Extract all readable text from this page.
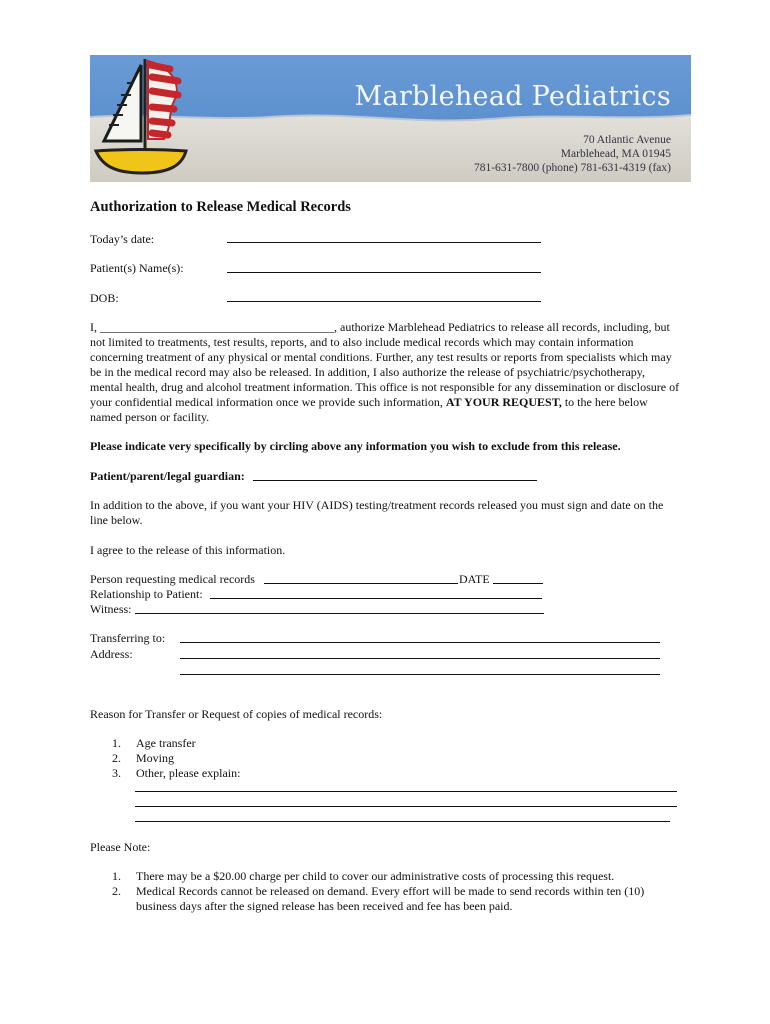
Marblehead Pediatrics
70 Atlantic Avenue
Marblehead, MA 01945
781-631-7800 (phone) 781-631-4319 (fax)
Authorization to Release Medical Records
Today’s date:
Patient(s) Name(s):
DOB:

I, _______________________________________, authorize Marblehead Pediatrics to release all records, including, but not limited to treatments, test results, reports, and to also include medical records which may contain information concerning treatment of any physical or mental conditions. Further, any test results or reports from specialists which may be in the medical record may also be released. In addition, I also authorize the release of psychiatric/psychotherapy, mental health, drug and alcohol treatment information. This office is not responsible for any dissemination or disclosure of your confidential medical information once we provide such information, AT YOUR REQUEST, to the here below named person or facility.

Please indicate very specifically by circling above any information you wish to exclude from this release.

Patient/parent/legal guardian:

In addition to the above, if you want your HIV (AIDS) testing/treatment records released you must sign and date on the line below.

I agree to the release of this information.
Person requesting medical records	DATE
Relationship to Patient:
Witness:
Transferring to:
Address:
Reason for Transfer or Request of copies of medical records:
1. Age transfer
2. Moving
3. Other, please explain:
Please Note:
1. There may be a $20.00 charge per child to cover our administrative costs of processing this request.
2. Medical Records cannot be released on demand. Every effort will be made to send records within ten (10) business days after the signed release has been received and fee has been paid.
